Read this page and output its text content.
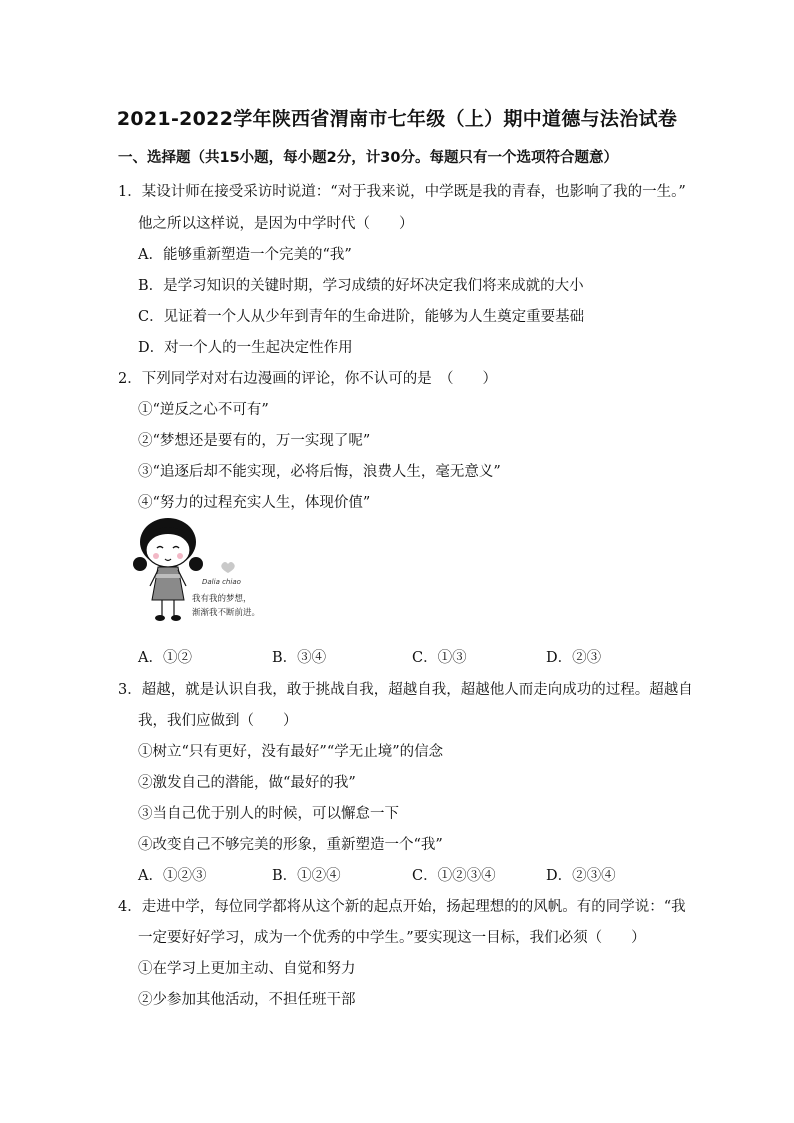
2021-2022学年陕西省渭南市七年级（上）期中道德与法治试卷
一、选择题（共15小题，每小题2分，计30分。每题只有一个选项符合题意）
1．某设计师在接受采访时说道：“对于我来说，中学既是我的青春，也影响了我的一生。”
他之所以这样说，是因为中学时代（　　）
A．能够重新塑造一个完美的“我”
B．是学习知识的关键时期，学习成绩的好坏决定我们将来成就的大小
C．见证着一个人从少年到青年的生命进阶，能够为人生奠定重要基础
D．对一个人的一生起决定性作用
2．下列同学对对右边漫画的评论，你不认可的是　（　　）
①“逆反之心不可有”
②“梦想还是要有的，万一实现了呢”
③“追逐后却不能实现，必将后悔，浪费人生，毫无意义”
④“努力的过程充实人生，体现价值”
Dalia chiao
我有我的梦想，
渐渐我不断前进。
A．①②	B．③④	C．①③	D．②③
3．超越，就是认识自我，敢于挑战自我，超越自我，超越他人而走向成功的过程。超越自
我，我们应做到（　　）
①树立“只有更好，没有最好”“学无止境”的信念
②激发自己的潜能，做“最好的我”
③当自己优于别人的时候，可以懈怠一下
④改变自己不够完美的形象，重新塑造一个“我”
A．①②③	B．①②④	C．①②③④	D．②③④
4．走进中学，每位同学都将从这个新的起点开始，扬起理想的的风帆。有的同学说：“我
一定要好好学习，成为一个优秀的中学生。”要实现这一目标，我们必须（　　）
①在学习上更加主动、自觉和努力
②少参加其他活动，不担任班干部
